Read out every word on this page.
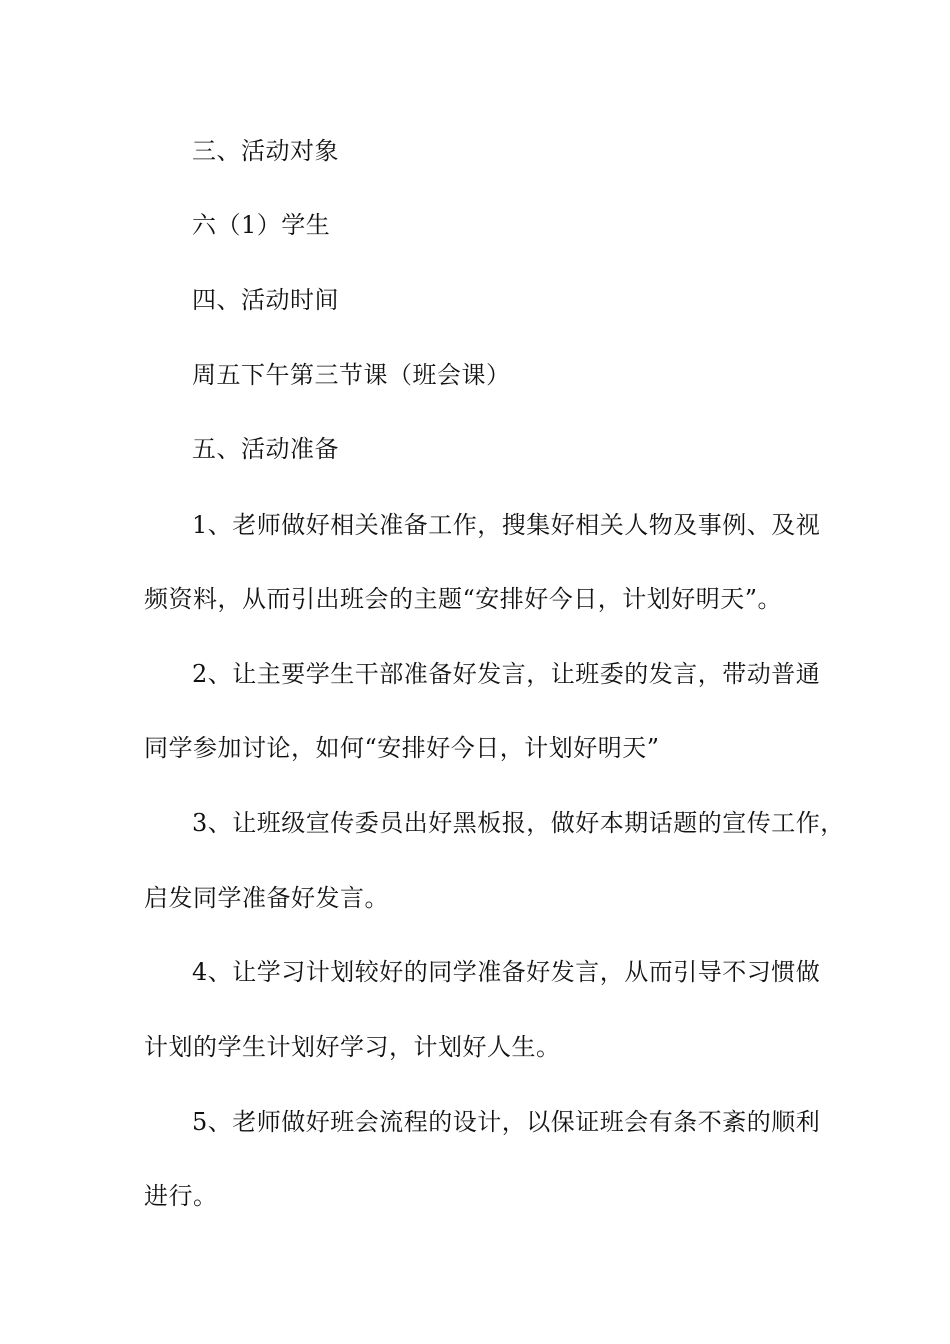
三、活动对象
六（1）学生
四、活动时间
周五下午第三节课（班会课）
五、活动准备
1、老师做好相关准备工作，搜集好相关人物及事例、及视
频资料，从而引出班会的主题“安排好今日，计划好明天”。
2、让主要学生干部准备好发言，让班委的发言，带动普通
同学参加讨论，如何“安排好今日，计划好明天”
3、让班级宣传委员出好黑板报，做好本期话题的宣传工作，
启发同学准备好发言。
4、让学习计划较好的同学准备好发言，从而引导不习惯做
计划的学生计划好学习，计划好人生。
5、老师做好班会流程的设计，以保证班会有条不紊的顺利
进行。
